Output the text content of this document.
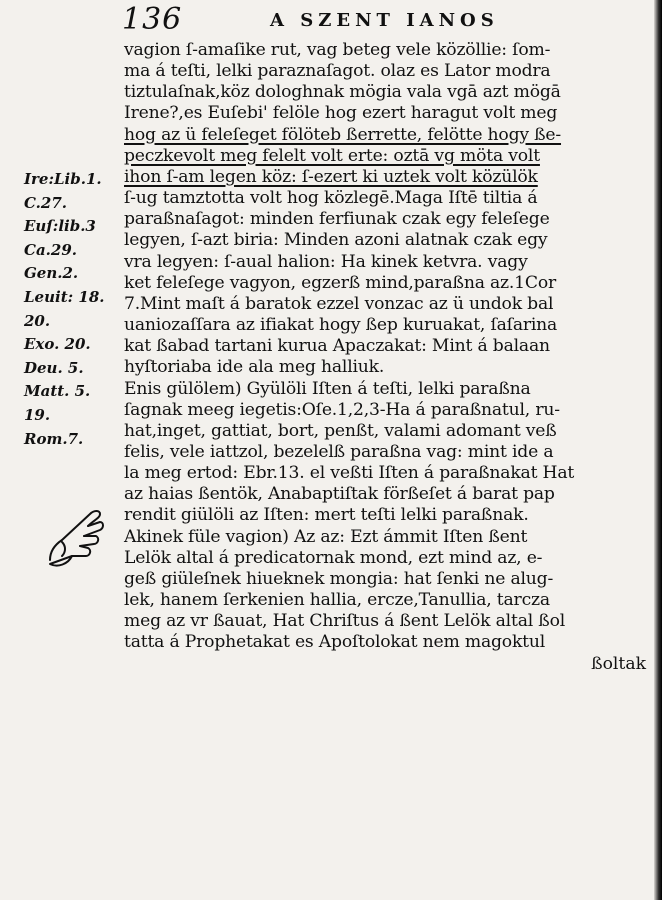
136	A SZENT IANOS
Ire:Lib.1.
C.27.
Euſ:lib.3
Ca.29.
Gen.2.
Leuit: 18.
20.
Exo. 20.
Deu. 5.
Matt. 5.
19.
Rom.7.
vagion ſ-amaſike rut, vag beteg vele közöllie: ſom-
ma á teſti, lelki paraznaſagot. olaz es Lator modra
tiztulaſnak,köz dologhnak mögia vala vgā azt mögā
Irene?,es Euſebi' felöle hog ezert haragut volt meg
hog az ü feleſeget fölöteb ßerrette, felötte hogy ße-
peczkevolt meg felelt volt erte: oztā vg möta volt
ihon ſ-am legen köz: ſ-ezert ki uztek volt közülök
ſ-ug tamztotta volt hog közlegē.Maga Iſtē tiltia á
paraßnaſagot: minden ferfiunak czak egy feleſege
legyen, ſ-azt biria: Minden azoni alatnak czak egy
vra legyen: ſ-aual halion: Ha kinek ketvra. vagy
ket feleſege vagyon, egzerß mind,paraßna az.1Cor
7.Mint maſt á baratok ezzel vonzac az ü undok bal
uaniozaſſara az ifiakat hogy ßep kuruakat, ſaſarina
kat ßabad tartani kurua Apaczakat: Mint á balaan
hyſtoriaba ide ala meg halliuk.
Enis gülölem) Gyülöli Iſten á teſti, lelki paraßna
ſagnak meeg iegetis:Oſe.1,2,3-Ha á paraßnatul, ru-
hat,inget, gattiat, bort, penßt, valami adomant veß
felis, vele iattzol, bezelelß paraßna vag: mint ide a
la meg ertod: Ebr.13. el veßti Iſten á paraßnakat Hat
az haias ßentök, Anabaptiſtak förßeſet á barat pap
rendit giülöli az Iſten: mert teſti lelki paraßnak.
Akinek füle vagion) Az az: Ezt ámmit Iſten ßent
Lelök altal á predicatornak mond, ezt mind az, e-
geß giüleſnek hiueknek mongia: hat ſenki ne alug-
lek, hanem ſerkenien hallia, ercze,Tanullia, tarcza
meg az vr ßauat, Hat Chriſtus á ßent Lelök altal ßol
tatta á Prophetakat es Apoſtolokat nem magoktul
ßoltak
